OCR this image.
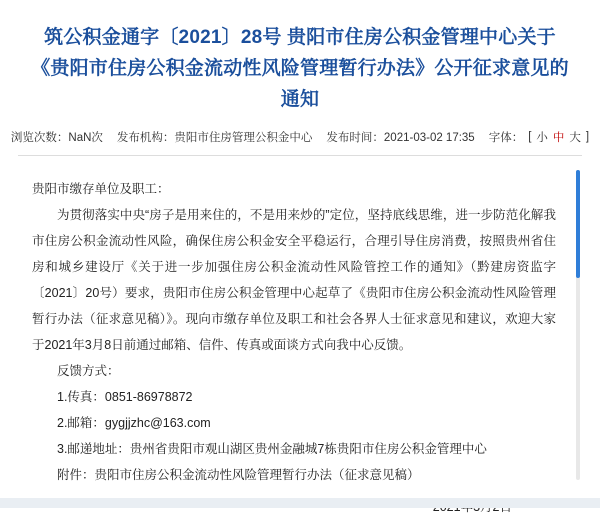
筑公积金通字〔2021〕28号 贵阳市住房公积金管理中心关于《贵阳市住房公积金流动性风险管理暂行办法》公开征求意见的通知
浏览次数：NaN次 发布机构：贵阳市住房管理公积金中心 发布时间：2021-03-02 17:35 字体： [ 小 中 大 ]

贵阳市缴存单位及职工：

为贯彻落实中央“房子是用来住的，不是用来炒的”定位，坚持底线思维，进一步防范化解我市住房公积金流动性风险，确保住房公积金安全平稳运行，合理引导住房消费，按照贵州省住房和城乡建设厅《关于进一步加强住房公积金流动性风险管控工作的通知》（黔建房资监字〔2021〕20号）要求，贵阳市住房公积金管理中心起草了《贵阳市住房公积金流动性风险管理暂行办法（征求意见稿）》。现向市缴存单位及职工和社会各界人士征求意见和建议，欢迎大家于2021年3月8日前通过邮箱、信件、传真或面谈方式向我中心反馈。

反馈方式：

1.传真：0851-86978872

2.邮箱：gygjjzhc@163.com

3.邮递地址：贵州省贵阳市观山湖区贵州金融城7栋贵阳市住房公积金管理中心

附件：贵阳市住房公积金流动性风险管理暂行办法（征求意见稿）
